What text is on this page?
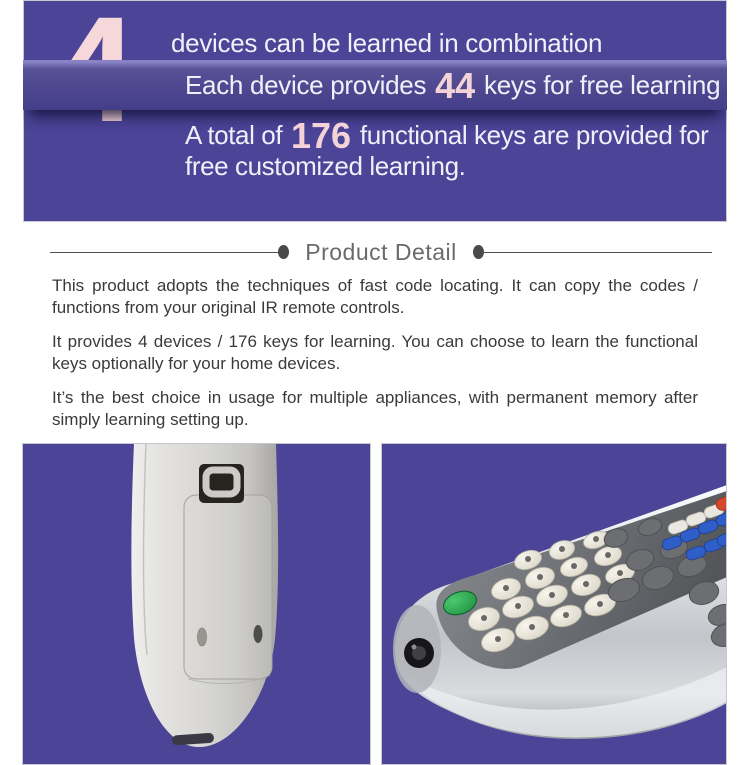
devices can be learned in combination
Each device provides 44 keys for free learning
A total of 176 functional keys are provided for
free customized learning.
Product Detail

This product adopts the techniques of fast code locating. It can copy the codes / functions from your original IR remote controls.

It provides 4 devices / 176 keys for learning. You can choose to learn the functional keys optionally for your home devices.

It’s the best choice in usage for multiple appliances, with permanent memory after simply learning setting up.
